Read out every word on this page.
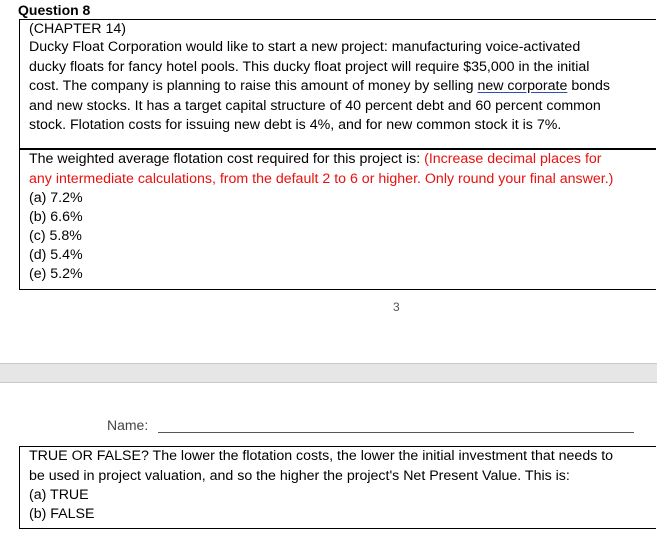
Question 8
(CHAPTER 14)
Ducky Float Corporation would like to start a new project: manufacturing voice-activated
ducky floats for fancy hotel pools. This ducky float project will require $35,000 in the initial
cost. The company is planning to raise this amount of money by selling new corporate bonds
and new stocks. It has a target capital structure of 40 percent debt and 60 percent common
stock. Flotation costs for issuing new debt is 4%, and for new common stock it is 7%.
The weighted average flotation cost required for this project is: (Increase decimal places for
any intermediate calculations, from the default 2 to 6 or higher. Only round your final answer.)
(a) 7.2%
(b) 6.6%
(c) 5.8%
(d) 5.4%
(e) 5.2%
3
Name:
TRUE OR FALSE? The lower the flotation costs, the lower the initial investment that needs to
be used in project valuation, and so the higher the project's Net Present Value. This is:
(a) TRUE
(b) FALSE
